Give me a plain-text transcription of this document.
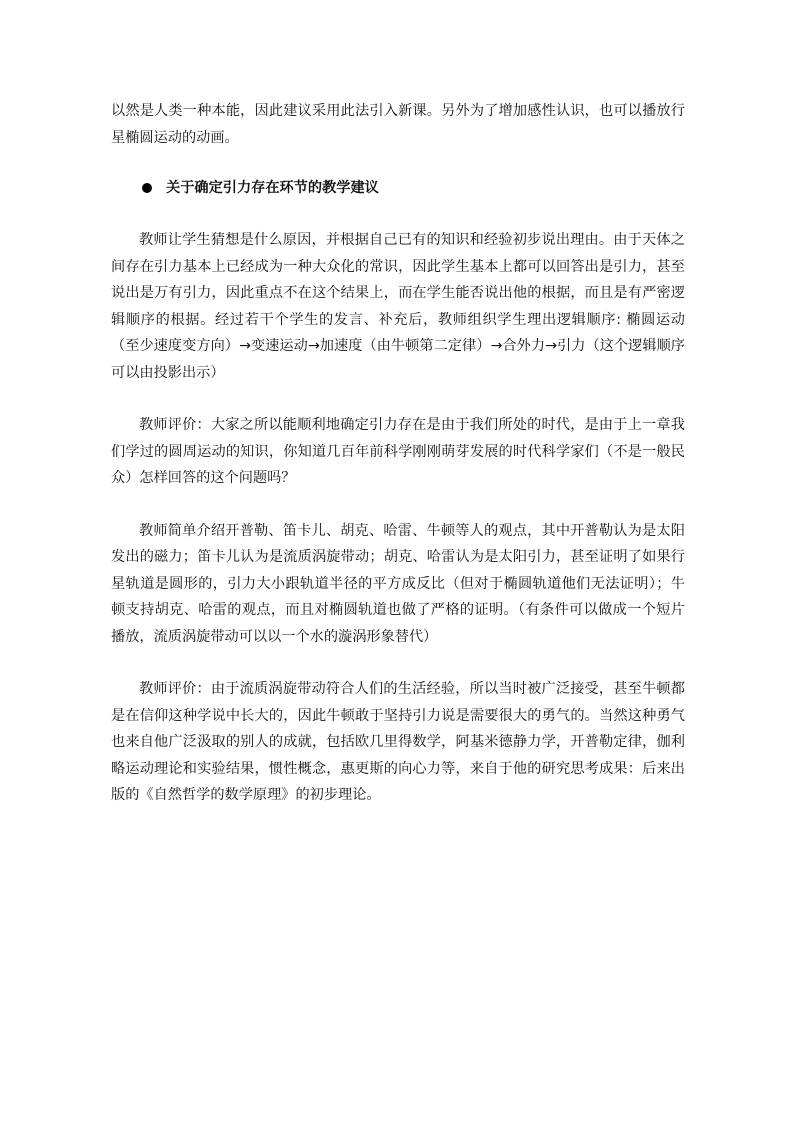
以然是人类一种本能，因此建议采用此法引入新课。另外为了增加感性认识，也可以播放行星椭圆运动的动画。

关于确定引力存在环节的教学建议

教师让学生猜想是什么原因，并根据自己已有的知识和经验初步说出理由。由于天体之间存在引力基本上已经成为一种大众化的常识，因此学生基本上都可以回答出是引力，甚至说出是万有引力，因此重点不在这个结果上，而在学生能否说出他的根据，而且是有严密逻辑顺序的根据。经过若干个学生的发言、补充后，教师组织学生理出逻辑顺序: 椭圆运动（至少速度变方向）→变速运动→加速度（由牛顿第二定律）→合外力→引力（这个逻辑顺序可以由投影出示）

教师评价：大家之所以能顺利地确定引力存在是由于我们所处的时代，是由于上一章我们学过的圆周运动的知识，你知道几百年前科学刚刚萌芽发展的时代科学家们（不是一般民众）怎样回答的这个问题吗？

教师简单介绍开普勒、笛卡儿、胡克、哈雷、牛顿等人的观点，其中开普勒认为是太阳发出的磁力；笛卡儿认为是流质涡旋带动；胡克、哈雷认为是太阳引力，甚至证明了如果行星轨道是圆形的，引力大小跟轨道半径的平方成反比（但对于椭圆轨道他们无法证明）；牛顿支持胡克、哈雷的观点，而且对椭圆轨道也做了严格的证明。（有条件可以做成一个短片播放，流质涡旋带动可以以一个水的漩涡形象替代）

教师评价：由于流质涡旋带动符合人们的生活经验，所以当时被广泛接受，甚至牛顿都是在信仰这种学说中长大的，因此牛顿敢于坚持引力说是需要很大的勇气的。当然这种勇气也来自他广泛汲取的别人的成就，包括欧几里得数学，阿基米德静力学，开普勒定律，伽利略运动理论和实验结果，惯性概念，惠更斯的向心力等，来自于他的研究思考成果：后来出版的《自然哲学的数学原理》的初步理论。
